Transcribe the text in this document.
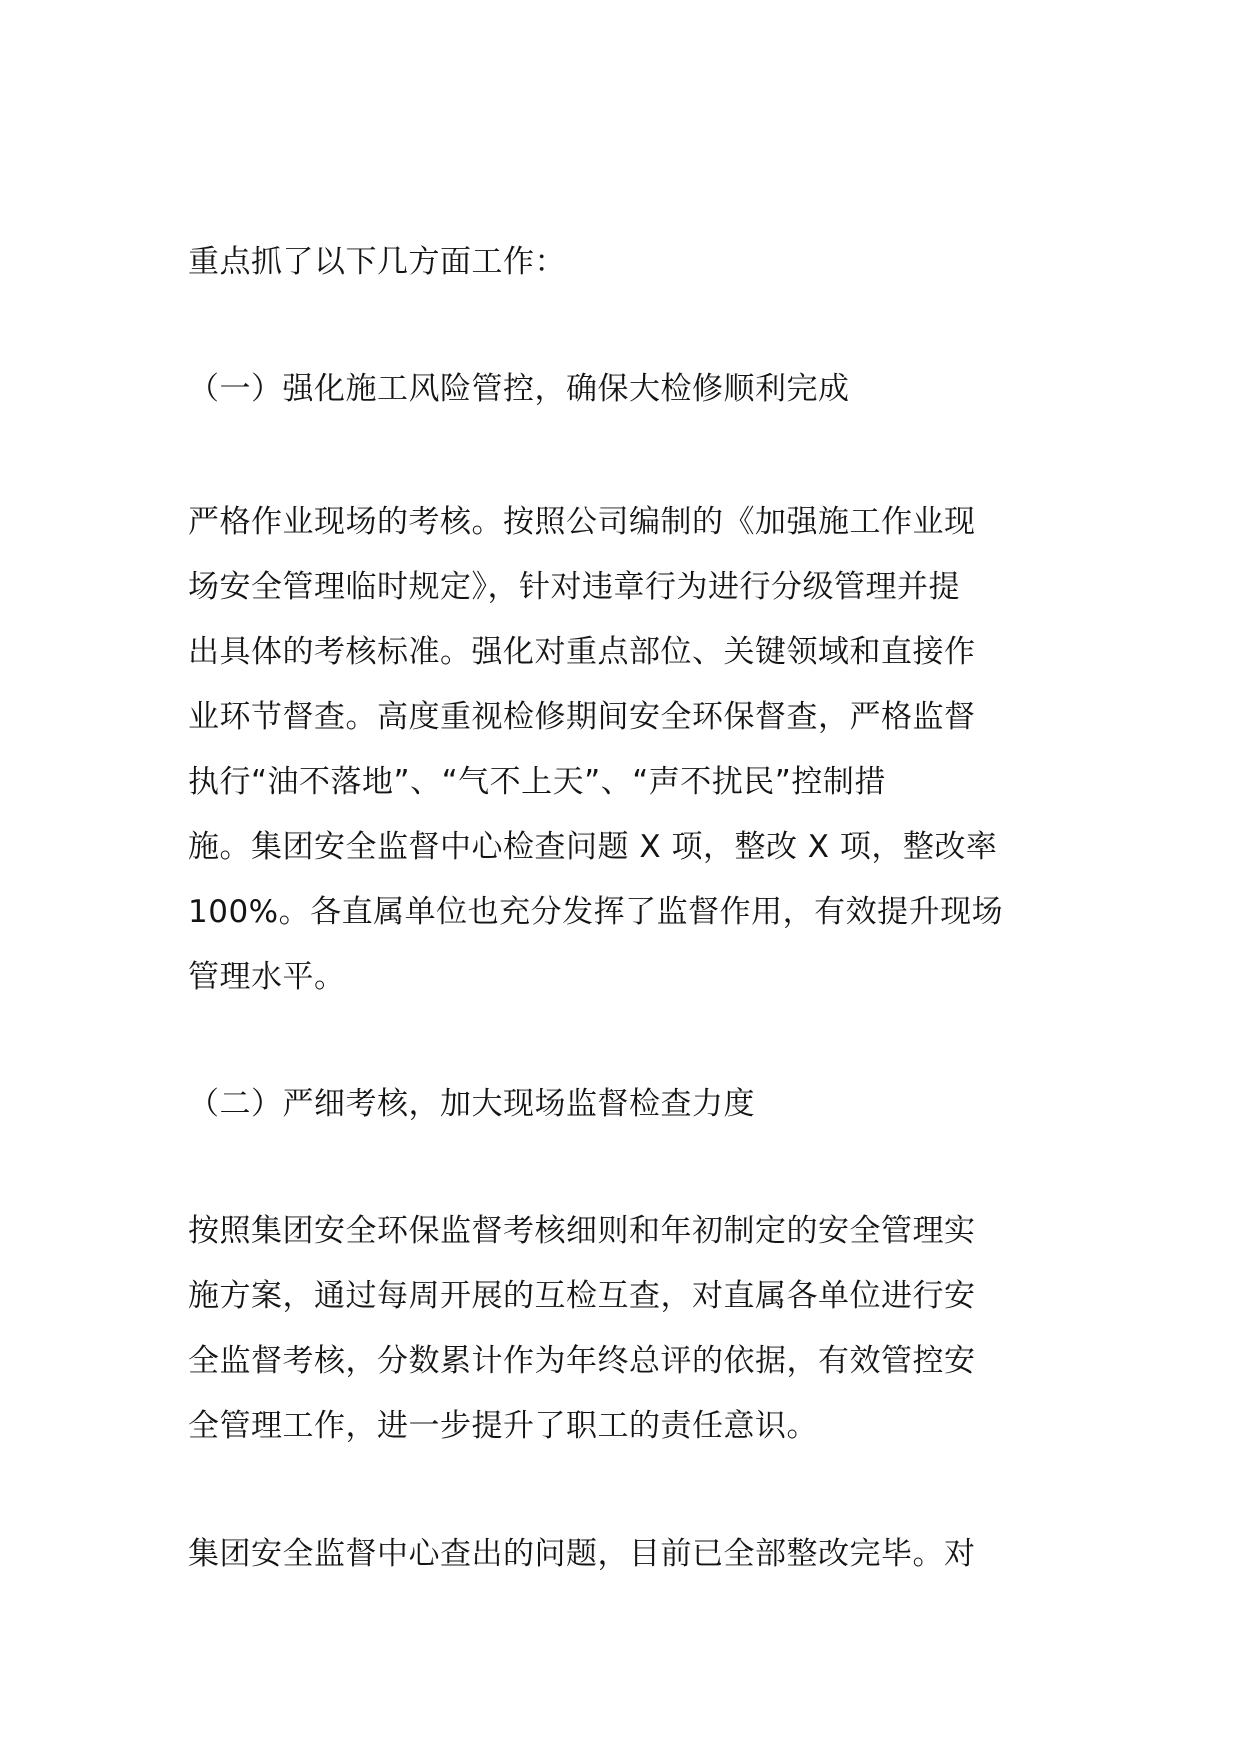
重点抓了以下几方面工作：

（一）强化施工风险管控，确保大检修顺利完成

严格作业现场的考核。按照公司编制的《加强施工作业现
场安全管理临时规定》，针对违章行为进行分级管理并提
出具体的考核标准。强化对重点部位、关键领域和直接作
业环节督查。高度重视检修期间安全环保督查，严格监督
执行“油不落地”、“气不上天”、“声不扰民”控制措
施。集团安全监督中心检查问题 X 项，整改 X 项，整改率
100%。各直属单位也充分发挥了监督作用，有效提升现场
管理水平。

（二）严细考核，加大现场监督检查力度

按照集团安全环保监督考核细则和年初制定的安全管理实
施方案，通过每周开展的互检互查，对直属各单位进行安
全监督考核，分数累计作为年终总评的依据，有效管控安
全管理工作，进一步提升了职工的责任意识。

集团安全监督中心查出的问题，目前已全部整改完毕。对
